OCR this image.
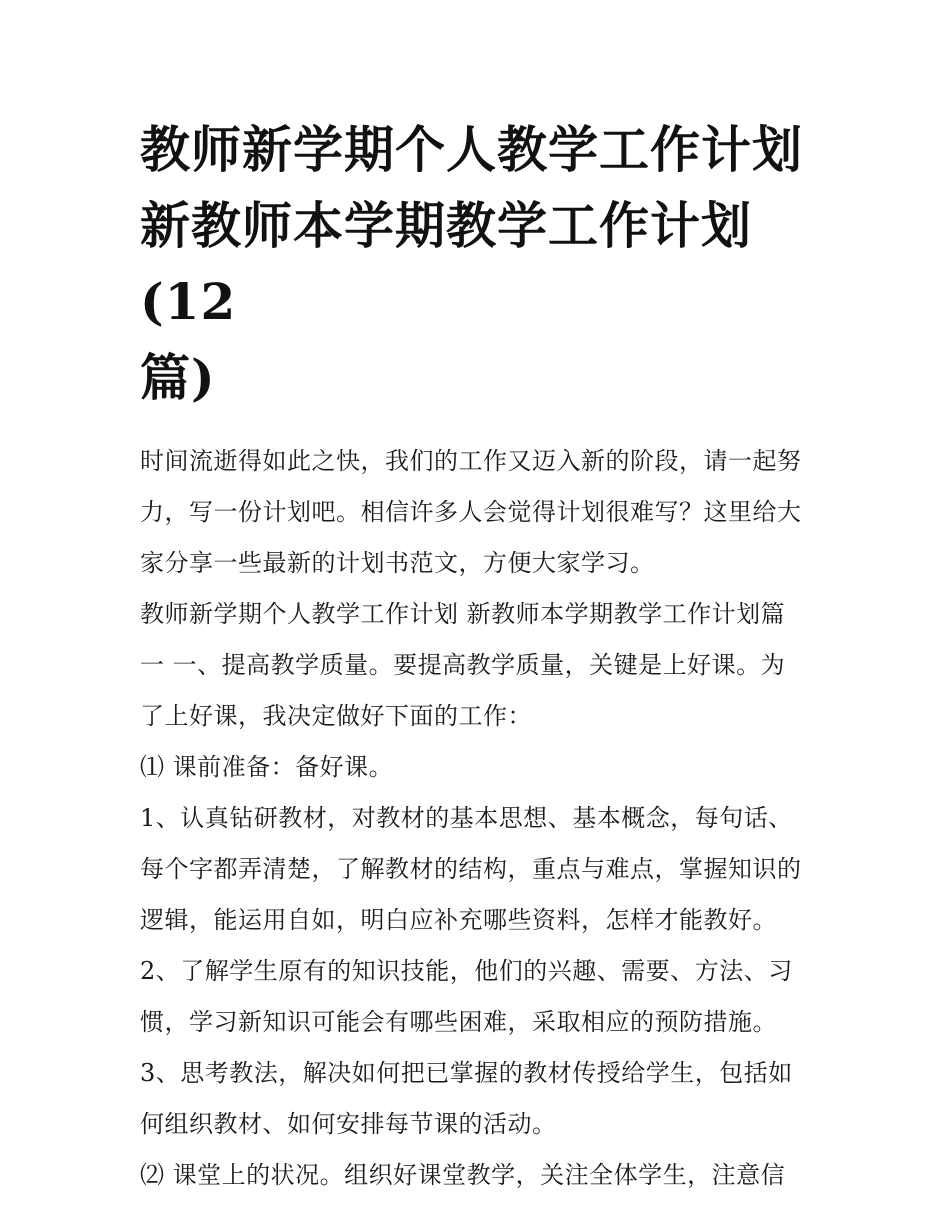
教师新学期个人教学工作计划
新教师本学期教学工作计划(12
篇)
时间流逝得如此之快，我们的工作又迈入新的阶段，请一起努
力，写一份计划吧。相信许多人会觉得计划很难写？这里给大
家分享一些最新的计划书范文，方便大家学习。
教师新学期个人教学工作计划 新教师本学期教学工作计划篇
一 一、提高教学质量。要提高教学质量，关键是上好课。为
了上好课，我决定做好下面的工作：
⑴ 课前准备：备好课。
1、认真钻研教材，对教材的基本思想、基本概念，每句话、
每个字都弄清楚，了解教材的结构，重点与难点，掌握知识的
逻辑，能运用自如，明白应补充哪些资料，怎样才能教好。
2、了解学生原有的知识技能，他们的兴趣、需要、方法、习
惯，学习新知识可能会有哪些困难，采取相应的预防措施。
3、思考教法，解决如何把已掌握的教材传授给学生，包括如
何组织教材、如何安排每节课的活动。
⑵ 课堂上的状况。组织好课堂教学，关注全体学生，注意信
